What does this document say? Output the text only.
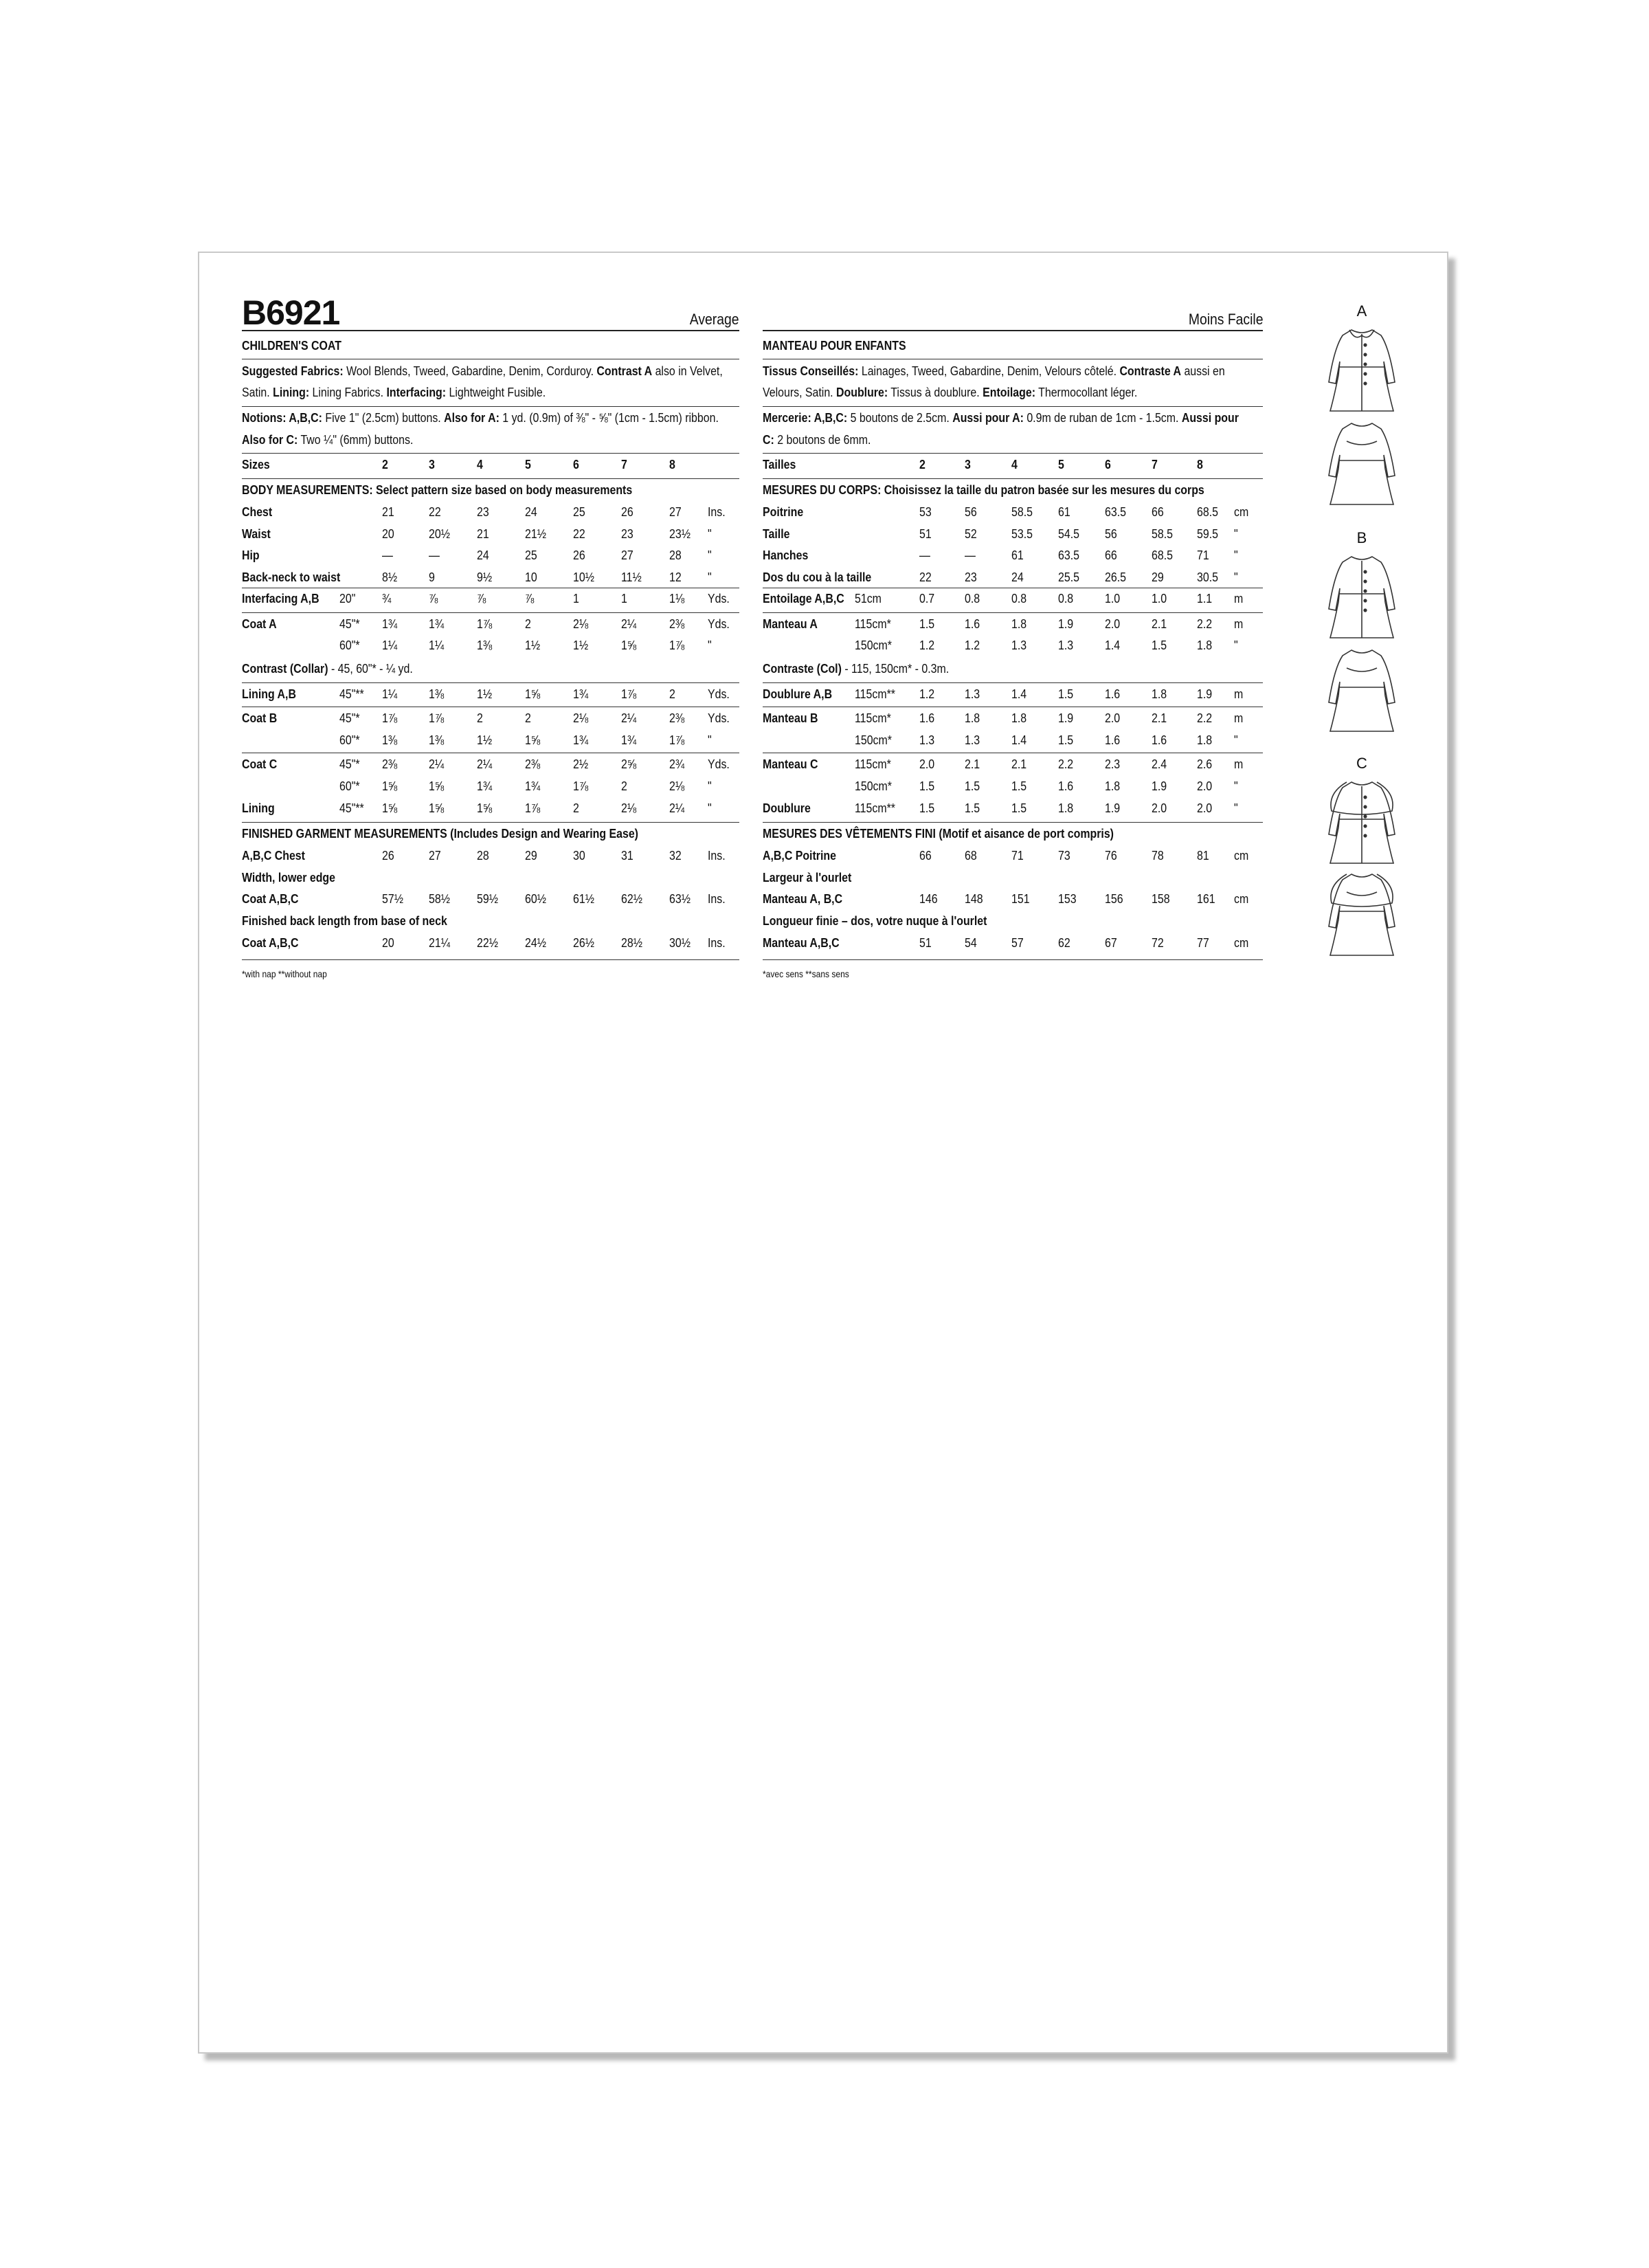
B6921	Average	Moins Facile
CHILDREN'S COAT
Suggested Fabrics: Wool Blends, Tweed, Gabardine, Denim, Corduroy. Contrast A also in Velvet,
Satin. Lining: Lining Fabrics. Interfacing: Lightweight Fusible.
Notions: A,B,C: Five 1" (2.5cm) buttons. Also for A: 1 yd. (0.9m) of ⅜" - ⅝" (1cm - 1.5cm) ribbon.
Also for C: Two ¼" (6mm) buttons.
Sizes	2	3	4	5	6	7	8
BODY MEASUREMENTS: Select pattern size based on body measurements
Chest	21	22	23	24	25	26	27 Ins.
Waist	20	20½ 21	21½ 22	23	23½ "
Hip	—	—	24	25	26	27	28 "
Back-neck to waist	8½ 9	9½	10	10½ 11½ 12 "
Interfacing A,B 20" ¾	⅞	⅞	⅞	1	1	1⅛ Yds.
Coat A	45"* 1¾ 1¾	1⅞	2	2⅛	2¼	2⅜ Yds.
60"* 1¼ 1¼	1⅜	1½	1½	1⅝	1⅞ "
Lining A,B	45"** 1¼ 1⅜	1½	1⅝	1¾	1⅞	2	Yds.
Coat B	45"* 1⅞ 1⅞	2	2	2⅛	2¼	2⅜ Yds.
60"* 1⅜ 1⅜	1½	1⅝	1¾	1¾	1⅞ "
Coat C	45"* 2⅜ 2¼	2¼	2⅜	2½	2⅝	2¾ Yds.
60"* 1⅝ 1⅝	1¾	1¾	1⅞	2	2⅛ "
Lining	45"** 1⅝ 1⅝	1⅝	1⅞	2	2⅛	2¼ "
Contrast (Collar) - 45, 60"* - ¼ yd.
FINISHED GARMENT MEASUREMENTS (Includes Design and Wearing Ease)
A,B,C Chest	26	27	28	29	30	31	32 Ins.
Width, lower edge
Coat A,B,C	57½ 58½ 59½ 60½ 61½ 62½ 63½ Ins.
Finished back length from base of neck
Coat A,B,C	20	21¼ 22½ 24½ 26½ 28½ 30½ Ins.
*with nap **without nap
MANTEAU POUR ENFANTS
Tissus Conseillés: Lainages, Tweed, Gabardine, Denim, Velours côtelé. Contraste A aussi en
Velours, Satin. Doublure: Tissus à doublure. Entoilage: Thermocollant léger.
Mercerie: A,B,C: 5 boutons de 2.5cm. Aussi pour A: 0.9m de ruban de 1cm - 1.5cm. Aussi pour
C: 2 boutons de 6mm.
Tailles	2	3	4	5	6	7	8
MESURES DU CORPS: Choisissez la taille du patron basée sur les mesures du corps
Poitrine	53	56	58.5 61	63.5 66	68.5 cm
Taille	51	52	53.5 54.5 56	58.5 59.5 "
Hanches	—	—	61	63.5 66	68.5 71 "
Dos du cou à la taille	22	23	24	25.5 26.5 29	30.5 "
Entoilage A,B,C 51cm	0.7 0.8 0.8 0.8 1.0 1.0 1.1 m
Manteau A	115cm* 1.5 1.6 1.8 1.9 2.0 2.1 2.2 m
150cm* 1.2 1.2 1.3 1.3 1.4 1.5 1.8 "
Doublure A,B 115cm** 1.2 1.3 1.4 1.5 1.6 1.8 1.9 m
Manteau B	115cm* 1.6 1.8 1.8 1.9 2.0 2.1 2.2 m
150cm* 1.3 1.3 1.4 1.5 1.6 1.6 1.8 "
Manteau C	115cm* 2.0 2.1 2.1 2.2 2.3 2.4 2.6 m
150cm* 1.5 1.5 1.5 1.6 1.8 1.9 2.0 "
Doublure	115cm** 1.5 1.5 1.5 1.8 1.9 2.0 2.0 "
Contraste (Col) - 115, 150cm* - 0.3m.
MESURES DES VÊTEMENTS FINI (Motif et aisance de port compris)
A,B,C Poitrine	66	68	71	73	76	78	81 cm
Largeur à l'ourlet
Manteau A, B,C	146 148 151 153 156 158 161 cm
Longueur finie – dos, votre nuque à l'ourlet
Manteau A,B,C	51	54	57	62	67	72	77 cm
*avec sens **sans sens
A
B
C
